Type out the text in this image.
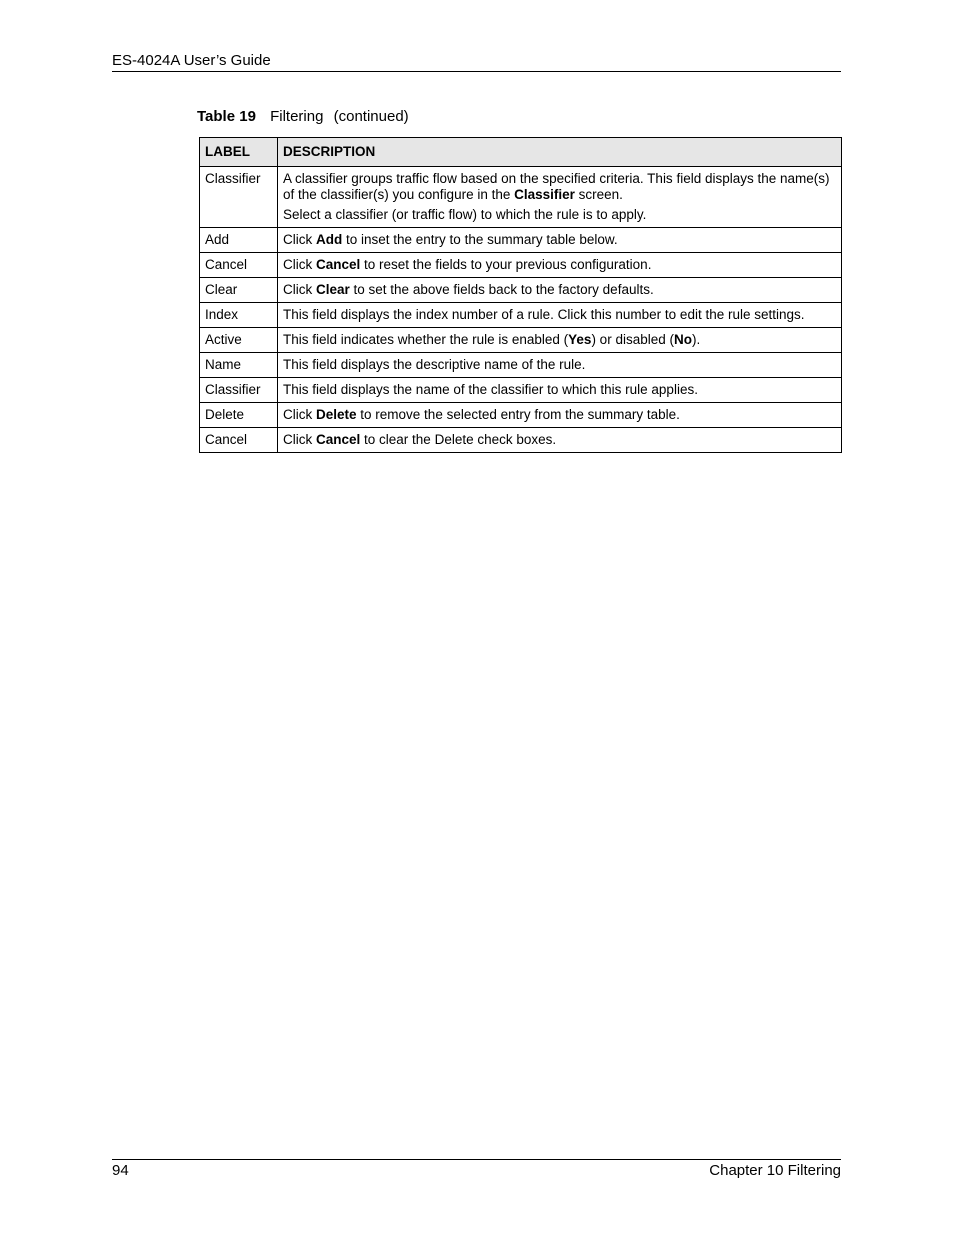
ES-4024A User’s Guide
Table 19 Filtering (continued)
LABEL	DESCRIPTION
Classifier	A classifier groups traffic flow based on the specified criteria. This field displays the name(s) of the classifier(s) you configure in the Classifier screen.

Select a classifier (or traffic flow) to which the rule is to apply.

Add	Click Add to inset the entry to the summary table below.
Cancel	Click Cancel to reset the fields to your previous configuration.
Clear	Click Clear to set the above fields back to the factory defaults.
Index	This field displays the index number of a rule. Click this number to edit the rule settings.
Active	This field indicates whether the rule is enabled (Yes) or disabled (No).
Name	This field displays the descriptive name of the rule.
Classifier	This field displays the name of the classifier to which this rule applies.
Delete	Click Delete to remove the selected entry from the summary table.
Cancel	Click Cancel to clear the Delete check boxes.
94	Chapter 10 Filtering
